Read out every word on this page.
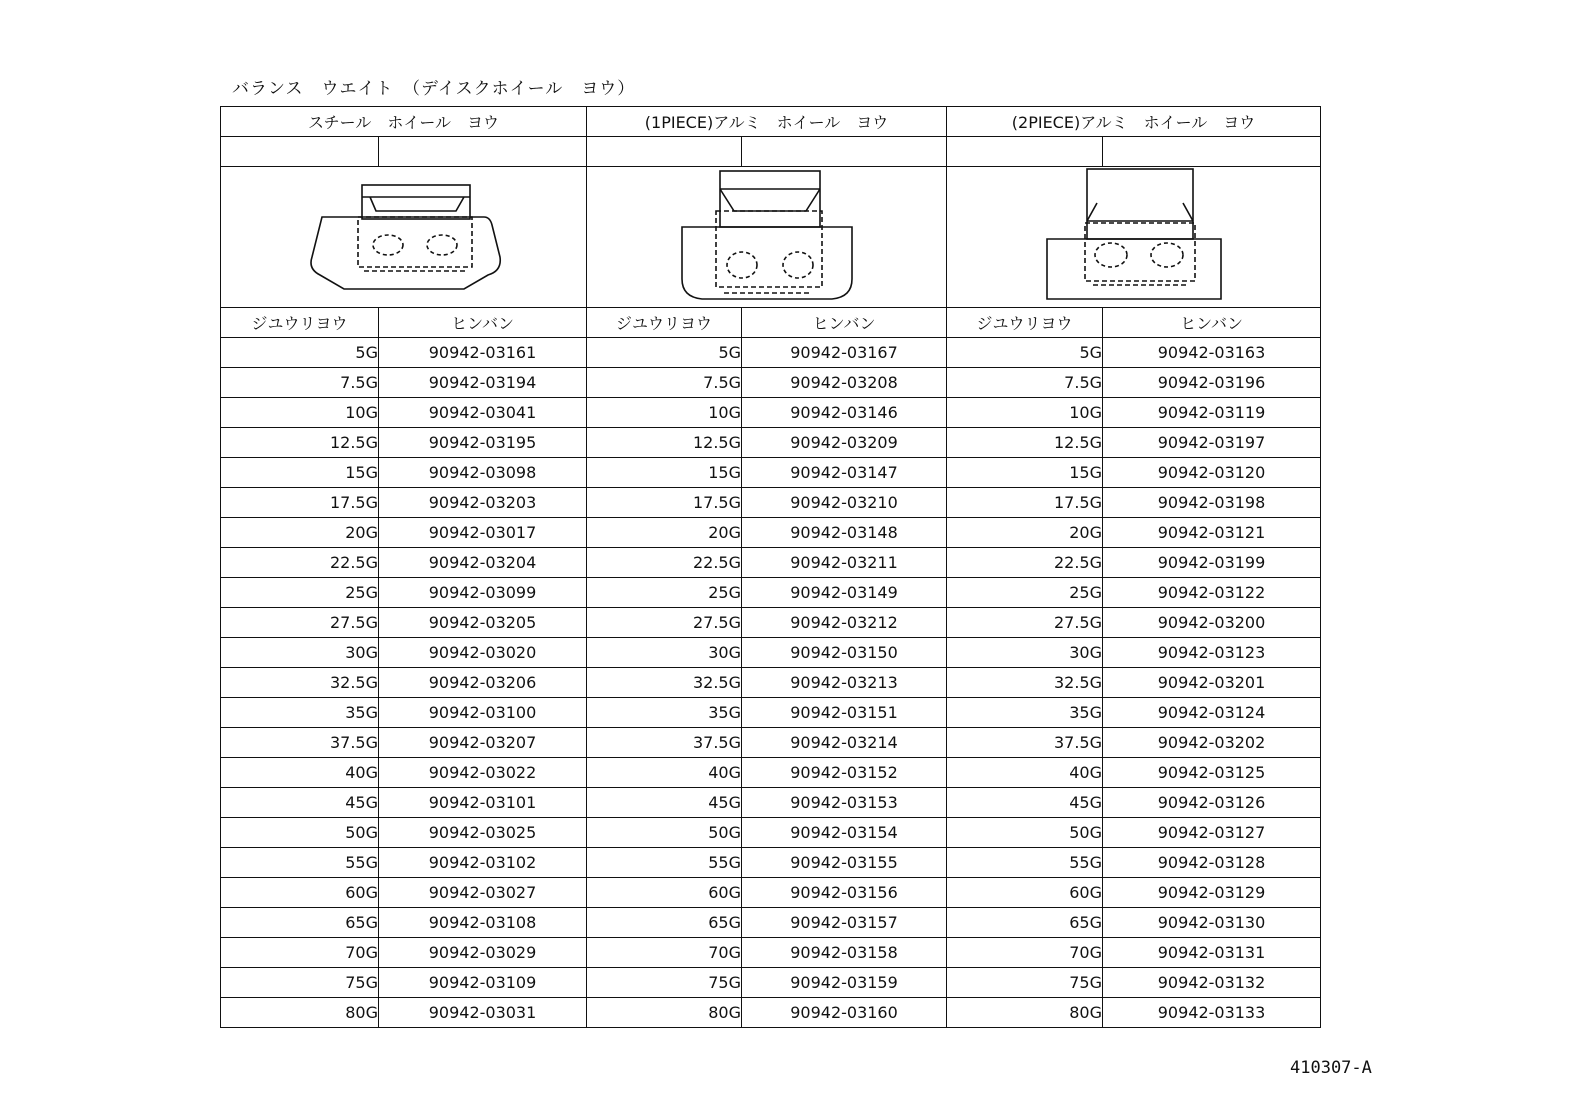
バランス　ウエイト　（デイスクホイール　ヨウ）
スチール　ホイール　ヨウ		(1PIECE)アルミ　ホイール　ヨウ		(2PIECE)アルミ　ホイール　ヨウ	

ジユウリヨウ	ヒンバン	ジユウリヨウ	ヒンバン	ジユウリヨウ	ヒンバン
5G	90942-03161	5G	90942-03167	5G	90942-03163
7.5G	90942-03194	7.5G	90942-03208	7.5G	90942-03196
10G	90942-03041	10G	90942-03146	10G	90942-03119
12.5G	90942-03195	12.5G	90942-03209	12.5G	90942-03197
15G	90942-03098	15G	90942-03147	15G	90942-03120
17.5G	90942-03203	17.5G	90942-03210	17.5G	90942-03198
20G	90942-03017	20G	90942-03148	20G	90942-03121
22.5G	90942-03204	22.5G	90942-03211	22.5G	90942-03199
25G	90942-03099	25G	90942-03149	25G	90942-03122
27.5G	90942-03205	27.5G	90942-03212	27.5G	90942-03200
30G	90942-03020	30G	90942-03150	30G	90942-03123
32.5G	90942-03206	32.5G	90942-03213	32.5G	90942-03201
35G	90942-03100	35G	90942-03151	35G	90942-03124
37.5G	90942-03207	37.5G	90942-03214	37.5G	90942-03202
40G	90942-03022	40G	90942-03152	40G	90942-03125
45G	90942-03101	45G	90942-03153	45G	90942-03126
50G	90942-03025	50G	90942-03154	50G	90942-03127
55G	90942-03102	55G	90942-03155	55G	90942-03128
60G	90942-03027	60G	90942-03156	60G	90942-03129
65G	90942-03108	65G	90942-03157	65G	90942-03130
70G	90942-03029	70G	90942-03158	70G	90942-03131
75G	90942-03109	75G	90942-03159	75G	90942-03132
80G	90942-03031	80G	90942-03160	80G	90942-03133
410307-A
